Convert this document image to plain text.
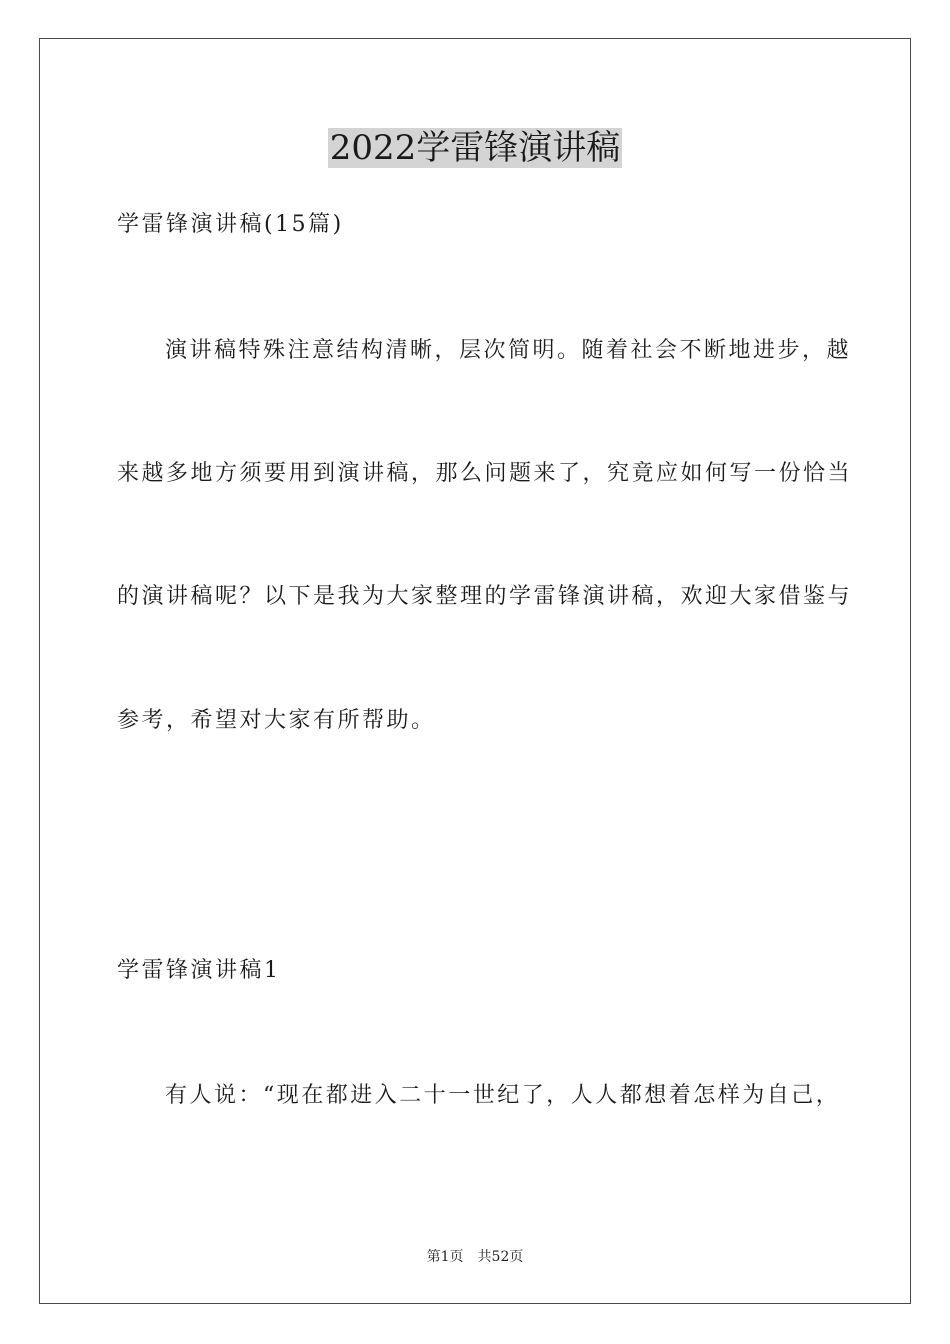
2022学雷锋演讲稿

学雷锋演讲稿(15篇)

演讲稿特殊注意结构清晰，层次简明。随着社会不断地进步，越

来越多地方须要用到演讲稿，那么问题来了，究竟应如何写一份恰当

的演讲稿呢？以下是我为大家整理的学雷锋演讲稿，欢迎大家借鉴与

参考，希望对大家有所帮助。

学雷锋演讲稿1

有人说：“现在都进入二十一世纪了，人人都想着怎样为自己，

第1页 共52页
